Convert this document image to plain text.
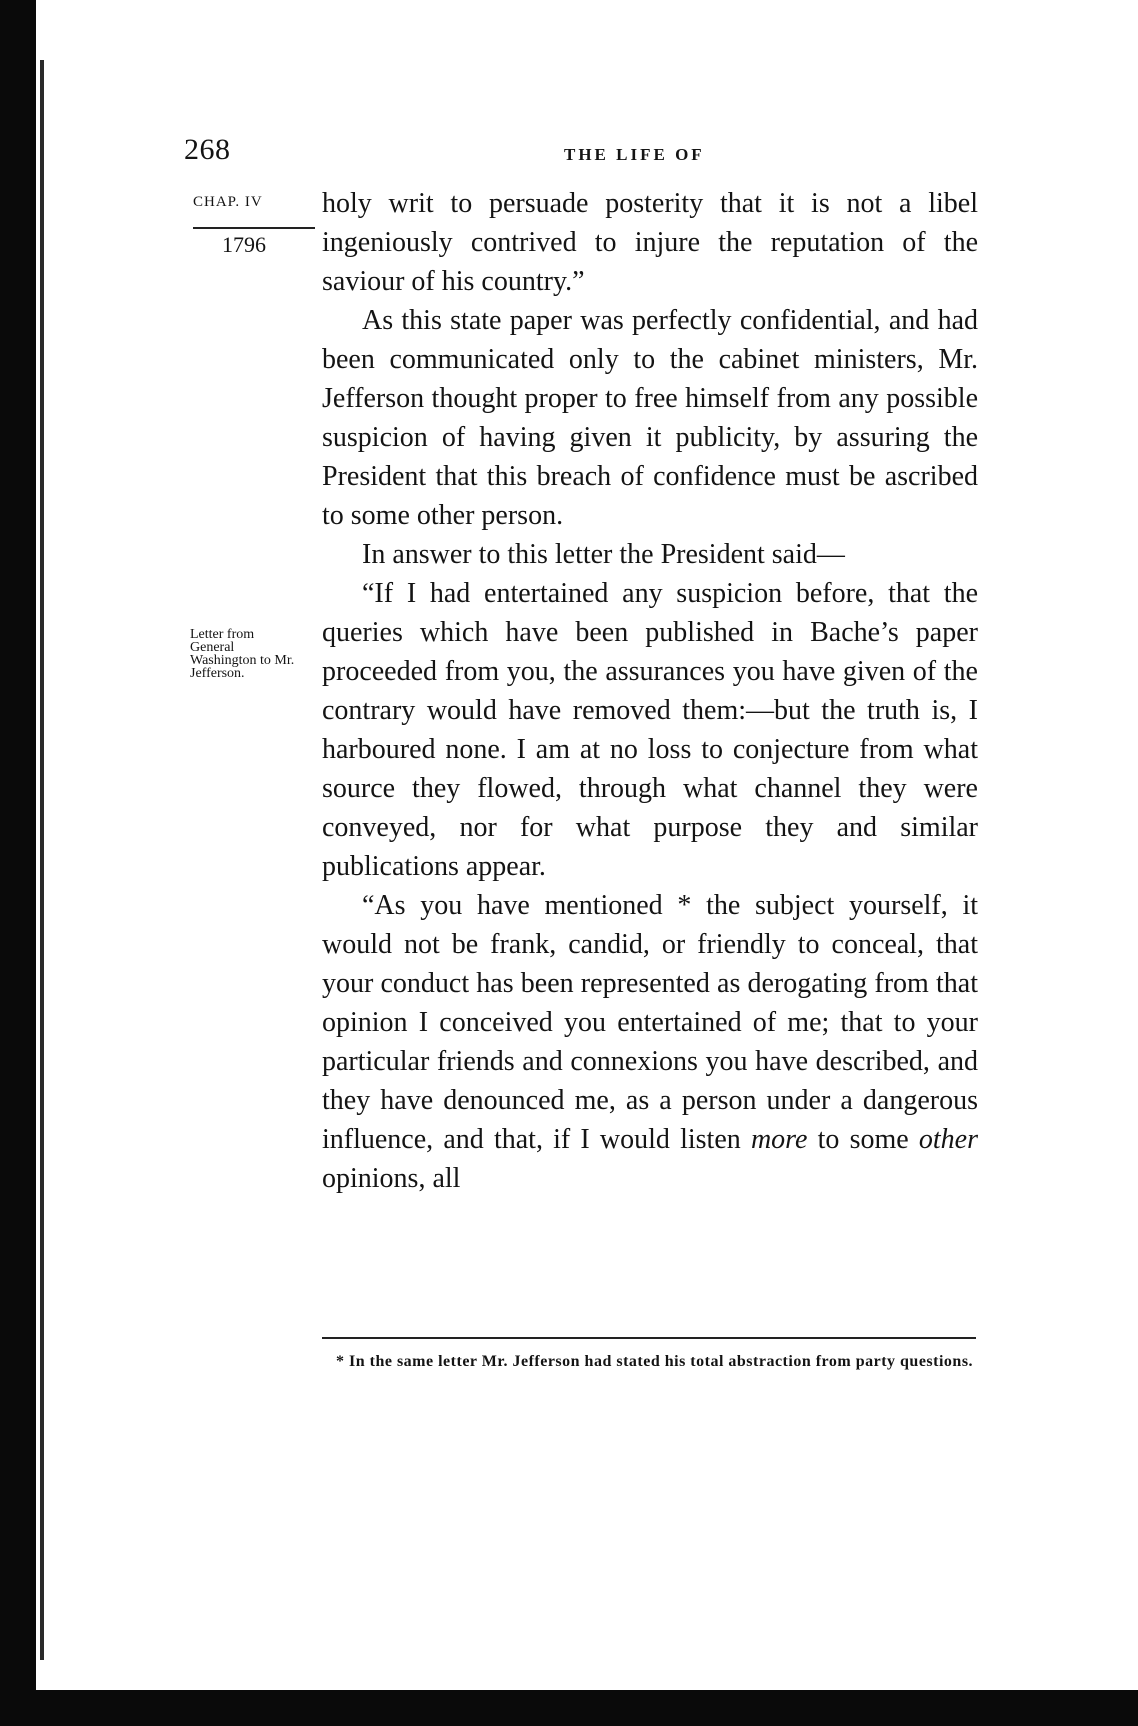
268	THE LIFE OF
CHAP. IV
1796
Letter from General Washington to Mr. Jefferson.

holy writ to persuade posterity that it is not a libel ingeniously contrived to injure the reputation of the saviour of his country.”

As this state paper was perfectly confidential, and had been communicated only to the cabinet ministers, Mr. Jefferson thought proper to free himself from any possible suspicion of having given it publicity, by assuring the President that this breach of confidence must be ascribed to some other person.

In answer to this letter the President said—

“If I had entertained any suspicion before, that the queries which have been published in Bache’s paper proceeded from you, the assurances you have given of the contrary would have removed them:—but the truth is, I harboured none. I am at no loss to conjecture from what source they flowed, through what channel they were conveyed, nor for what purpose they and similar publications appear.

“As you have mentioned * the subject yourself, it would not be frank, candid, or friendly to conceal, that your conduct has been represented as derogating from that opinion I conceived you entertained of me; that to your particular friends and connexions you have described, and they have denounced me, as a person under a dangerous influence, and that, if I would listen more to some other opinions, all

* In the same letter Mr. Jefferson had stated his total abstraction from party questions.
